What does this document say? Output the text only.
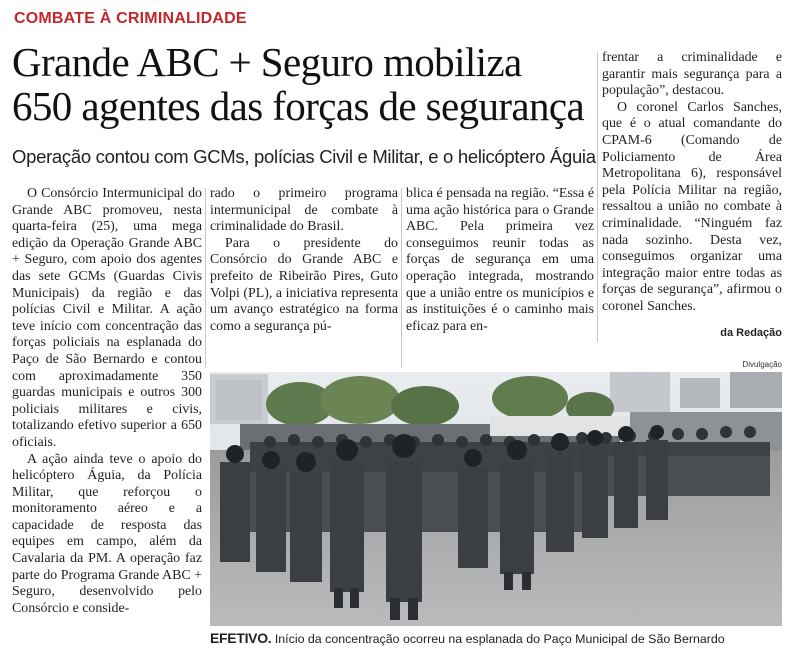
COMBATE À CRIMINALIDADE
Grande ABC + Seguro mobiliza
650 agentes das forças de segurança
Operação contou com GCMs, polícias Civil e Militar, e o helicóptero Águia

O Consórcio Intermunicipal do Grande ABC promoveu, nesta quarta-feira (25), uma mega edição da Operação Grande ABC + Seguro, com apoio dos agentes das sete GCMs (Guardas Civis Municipais) da região e das polícias Civil e Militar. A ação teve início com concentração das forças policiais na esplanada do Paço de São Bernardo e contou com aproximadamente 350 guardas municipais e outros 300 policiais militares e civis, totalizando efetivo superior a 650 oficiais.

A ação ainda teve o apoio do helicóptero Águia, da Polícia Militar, que reforçou o monitoramento aéreo e a capacidade de resposta das equipes em campo, além da Cavalaria da PM. A operação faz parte do Programa Grande ABC + Seguro, desenvolvido pelo Consórcio e conside-

rado o primeiro programa intermunicipal de combate à criminalidade do Brasil.

Para o presidente do Consórcio do Grande ABC e prefeito de Ribeirão Pires, Guto Volpi (PL), a iniciativa representa um avanço estratégico na forma como a segurança pú-

blica é pensada na região. “Essa é uma ação histórica para o Grande ABC. Pela primeira vez conseguimos reunir todas as forças de segurança em uma operação integrada, mostrando que a união entre os municípios e as instituições é o caminho mais eficaz para en-

frentar a criminalidade e garantir mais segurança para a população”, destacou.

O coronel Carlos Sanches, que é o atual comandante do CPAM-6 (Comando de Policiamento de Área Metropolitana 6), responsável pela Polícia Militar na região, ressaltou a união no combate à criminalidade. “Ninguém faz nada sozinho. Desta vez, conseguimos organizar uma integração maior entre todas as forças de segurança”, afirmou o coronel Sanches.

da Redação
Divulgação
EFETIVO. Início da concentração ocorreu na esplanada do Paço Municipal de São Bernardo
